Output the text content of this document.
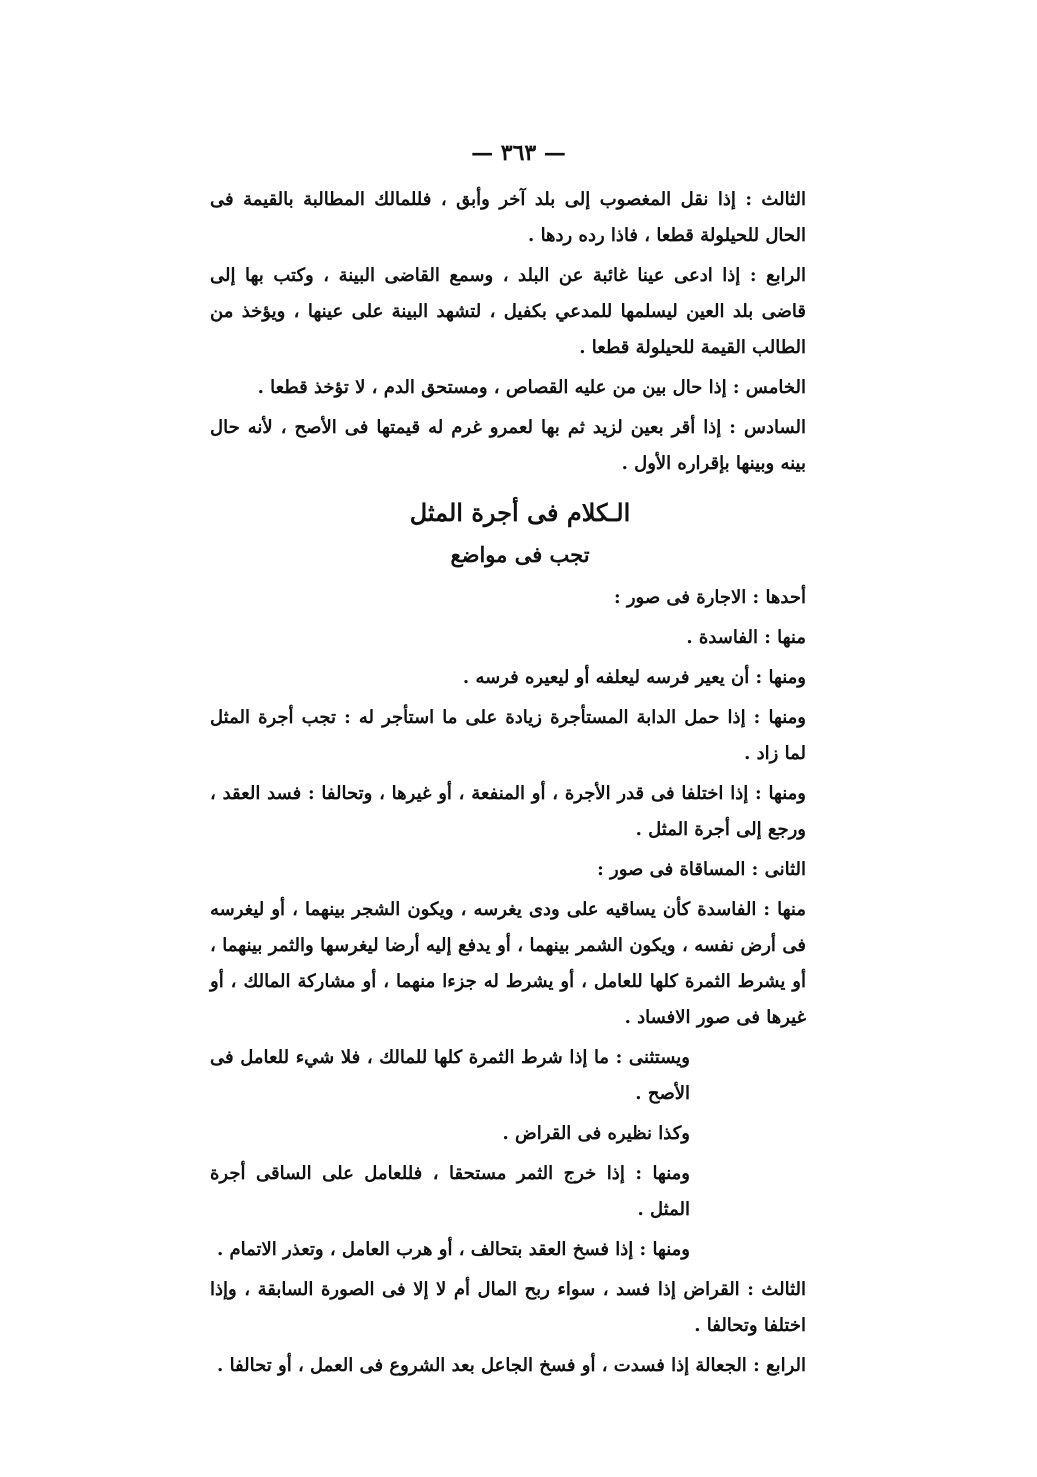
— ٣٦٣ —

الثالث : إذا نقل المغصوب إلى بلد آخر وأبق ، فللمالك المطالبة بالقيمة فى الحال للحيلولة قطعا ، فاذا رده ردها .

الرابع : إذا ادعى عينا غائبة عن البلد ، وسمع القاضى البينة ، وكتب بها إلى قاضى بلد العين ليسلمها للمدعي بكفيل ، لتشهد البينة على عينها ، ويؤخذ من الطالب القيمة للحيلولة قطعا .

الخامس : إذا حال بين من عليه القصاص ، ومستحق الدم ، لا تؤخذ قطعا .

السادس : إذا أقر بعين لزيد ثم بها لعمرو غرم له قيمتها فى الأصح ، لأنه حال بينه وبينها بإقراره الأول .

الـكلام فى أجرة المثل
تجب فى مواضع

أحدها : الاجارة فى صور :

منها : الفاسدة .

ومنها : أن يعير فرسه ليعلفه أو ليعيره فرسه .

ومنها : إذا حمل الدابة المستأجرة زيادة على ما استأجر له : تجب أجرة المثل لما زاد .

ومنها : إذا اختلفا فى قدر الأجرة ، أو المنفعة ، أو غيرها ، وتحالفا : فسد العقد ، ورجع إلى أجرة المثل .

الثانى : المساقاة فى صور :

منها : الفاسدة كأن يساقيه على ودى يغرسه ، ويكون الشجر بينهما ، أو ليغرسه فى أرض نفسه ، ويكون الشمر بينهما ، أو يدفع إليه أرضا ليغرسها والثمر بينهما ، أو يشرط الثمرة كلها للعامل ، أو يشرط له جزءا منهما ، أو مشاركة المالك ، أو غيرها فى صور الافساد .

ويستثنى : ما إذا شرط الثمرة كلها للمالك ، فلا شيء للعامل فى الأصح .

وكذا نظيره فى القراض .

ومنها : إذا خرج الثمر مستحقا ، فللعامل على الساقى أجرة المثل .

ومنها : إذا فسخ العقد بتحالف ، أو هرب العامل ، وتعذر الاتمام .

الثالث : القراض إذا فسد ، سواء ربح المال أم لا إلا فى الصورة السابقة ، وإذا اختلفا وتحالفا .

الرابع : الجعالة إذا فسدت ، أو فسخ الجاعل بعد الشروع فى العمل ، أو تحالفا .
